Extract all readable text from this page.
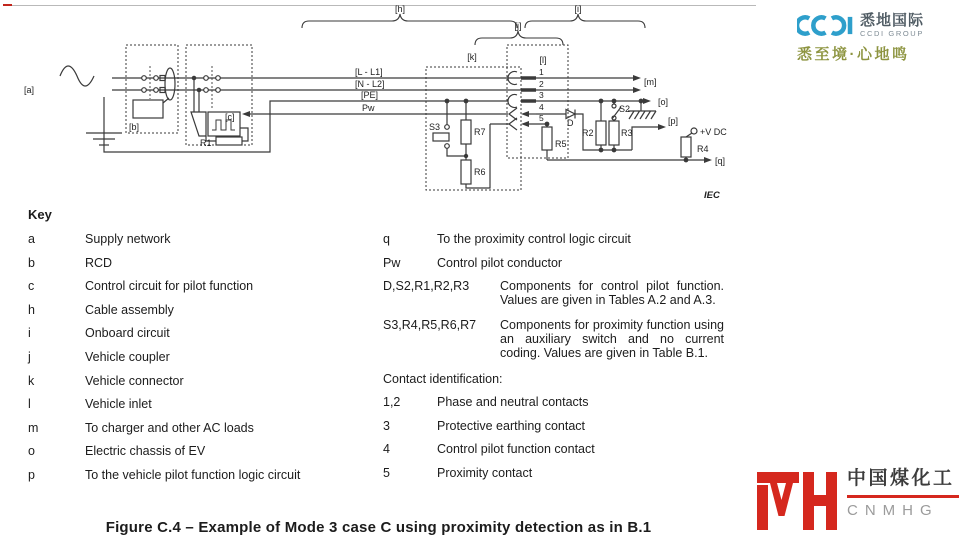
[a]
[b]
[c]
[h]	[i]
[j]
[k]	[l]
[m]
[o]
[p]
[q]
[L - L1]
[N - L2]
[PE]
Pw
1
2
3
4
5
R1
R2	R3
R4
R5
R6
R7
D
S2
S3	+V DC
IEC
Key
a	Supply network
b	RCD
c	Control circuit for pilot function
h	Cable assembly
i	Onboard circuit
j	Vehicle coupler
k	Vehicle connector
l	Vehicle inlet
m	To charger and other AC loads
o	Electric chassis of EV
p	To the vehicle pilot function logic circuit
q	To the proximity control logic circuit
Pw	Control pilot conductor
D,S2,R1,R2,R3	Components for control pilot function. Values are given in Tables A.2 and A.3.
S3,R4,R5,R6,R7	Components for proximity function using an auxiliary switch and no current coding. Values are given in Table B.1.
Contact identification:
1,2	Phase and neutral contacts
3	Protective earthing contact
4	Control pilot function contact
5	Proximity contact
Figure C.4 – Example of Mode 3 case C using proximity detection as in B.1
悉地国际
CCDI GROUP
悉至境·心地鸣
中国煤化工
CNMHG
